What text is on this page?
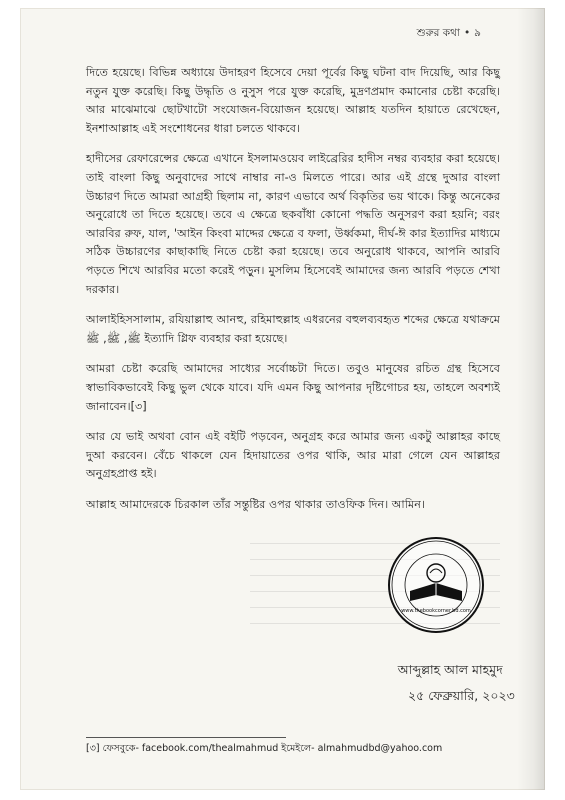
শুরুর কথা • ৯

দিতে হয়েছে। বিভিন্ন অধ্যায়ে উদাহরণ হিসেবে দেয়া পূর্বের কিছু ঘটনা বাদ দিয়েছি, আর কিছু নতুন যুক্ত করেছি। কিছু উদ্ধৃতি ও নুসুস পরে যুক্ত করেছি, মুদ্রণপ্রমাদ কমানোর চেষ্টা করেছি। আর মাঝেমাঝে ছোটখাটো সংযোজন-বিয়োজন হয়েছে। আল্লাহ যতদিন হায়াতে রেখেছেন, ইনশাআল্লাহ এই সংশোধনের ধারা চলতে থাকবে।

হাদীসের রেফারেন্সের ক্ষেত্রে এখানে ইসলামওয়েব লাইব্রেরির হাদীস নম্বর ব্যবহার করা হয়েছে। তাই বাংলা কিছু অনুবাদের সাথে নাম্বার না-ও মিলতে পারে। আর এই গ্রন্থে দুআর বাংলা উচ্চারণ দিতে আমরা আগ্রহী ছিলাম না, কারণ এভাবে অর্থ বিকৃতির ভয় থাকে। কিন্তু অনেকের অনুরোধে তা দিতে হয়েছে। তবে এ ক্ষেত্রে ছকবাঁধা কোনো পদ্ধতি অনুসরণ করা হয়নি; বরং আরবির রুফ, যাল, 'আইন কিংবা মাদ্দের ক্ষেত্রে ব ফলা, উর্ধ্বকমা, দীর্ঘ-ঈ কার ইত্যাদির মাধ্যমে সঠিক উচ্চারণের কাছাকাছি নিতে চেষ্টা করা হয়েছে। তবে অনুরোধ থাকবে, আপনি আরবি পড়তে শিখে আরবির মতো করেই পড়ুন। মুসলিম হিসেবেই আমাদের জন্য আরবি পড়তে শেখা দরকার।

আলাইহিসসালাম, রযিয়াল্লাহু আনহু, রহিমাহুল্লাহ এধরনের বহুলব্যবহৃত শব্দের ক্ষেত্রে যথাক্রমে ﷺ, ﷺ, ﷺ ইত্যাদি গ্লিফ ব্যবহার করা হয়েছে।

আমরা চেষ্টা করেছি আমাদের সাধ্যের সর্বোচ্চটা দিতে। তবুও মানুষের রচিত গ্রন্থ হিসেবে স্বাভাবিকভাবেই কিছু ভুল থেকে যাবে। যদি এমন কিছু আপনার দৃষ্টিগোচর হয়, তাহলে অবশ্যই জানাবেন।[৩]

আর যে ভাই অথবা বোন এই বইটি পড়বেন, অনুগ্রহ করে আমার জন্য একটু আল্লাহর কাছে দুআ করবেন। বেঁচে থাকলে যেন হিদায়াতের ওপর থাকি, আর মারা গেলে যেন আল্লাহর অনুগ্রহপ্রাপ্ত হই।

আল্লাহ আমাদেরকে চিরকাল তাঁর সন্তুষ্টির ওপর থাকার তাওফিক দিন। আমিন।

www.thebookcorner.bd.com
আব্দুল্লাহ আল মাহমুদ
২৫ ফেব্রুয়ারি, ২০২৩
[৩] ফেসবুকে- facebook.com/thealmahmud ইমেইলে- almahmudbd@yahoo.com
